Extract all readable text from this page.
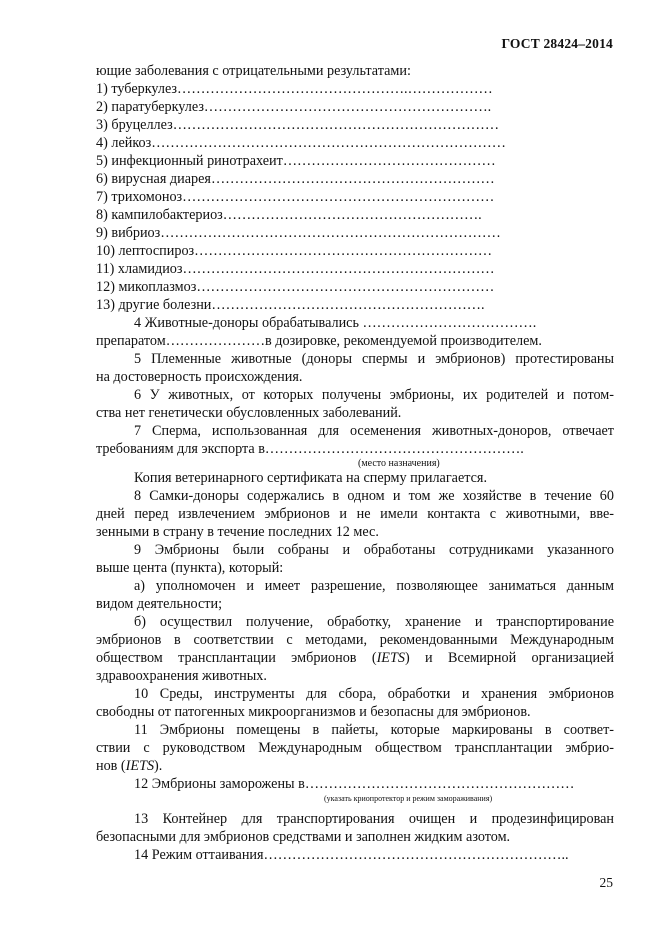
ГОСТ 28424–2014
ющие заболевания с отрицательными результатами:
1) туберкулез………………………………………….………………
2) паратуберкулез…………………………………………………….
3) бруцеллез……………………………………………………………
4) лейкоз…………………………………………………………………
5) инфекционный ринотрахеит………………………………………
6) вирусная диарея……………………………………………………
7) трихомоноз…………………………………………………………
8) кампилобактериоз……………………………………………….
9) вибриоз………………………………………………………………
10) лептоспироз………………………………………………………
11) хламидиоз…………………………………………………………
12) микоплазмоз………………………………………………………
13) другие болезни………………………………………………….
4 Животные-доноры обрабатывались ……………………………….
препаратом…………………в дозировке, рекомендуемой производителем.
5 Племенные животные (доноры спермы и эмбрионов) протестированы
на достоверность происхождения.
6 У животных, от которых получены эмбрионы, их родителей и потом-
ства нет генетически обусловленных заболеваний.
7 Сперма, использованная для осеменения животных-доноров, отвечает
требованиям для экспорта в……………………………………………….
(место назначения)
Копия ветеринарного сертификата на сперму прилагается.
8 Самки-доноры содержались в одном и том же хозяйстве в течение 60
дней перед извлечением эмбрионов и не имели контакта с животными, вве-
зенными в страну в течение последних 12 мес.
9 Эмбрионы были собраны и обработаны сотрудниками указанного
выше цента (пункта), который:
а) уполномочен и имеет разрешение, позволяющее заниматься данным
видом деятельности;
б) осуществил получение, обработку, хранение и транспортирование
эмбрионов в соответствии с методами, рекомендованными Международным
обществом трансплантации эмбрионов (IETS) и Всемирной организацией
здравоохранения животных.
10 Среды, инструменты для сбора, обработки и хранения эмбрионов
свободны от патогенных микроорганизмов и безопасны для эмбрионов.
11 Эмбрионы помещены в пайеты, которые маркированы в соответ-
ствии с руководством Международным обществом трансплантации эмбрио-
нов (IETS).
12 Эмбрионы заморожены в…………………………………………………
(указать криопротектор и режим замораживания)
13 Контейнер для транспортирования очищен и продезинфицирован
безопасными для эмбрионов средствами и заполнен жидким азотом.
14 Режим оттаивания………………………………………………………..
25
